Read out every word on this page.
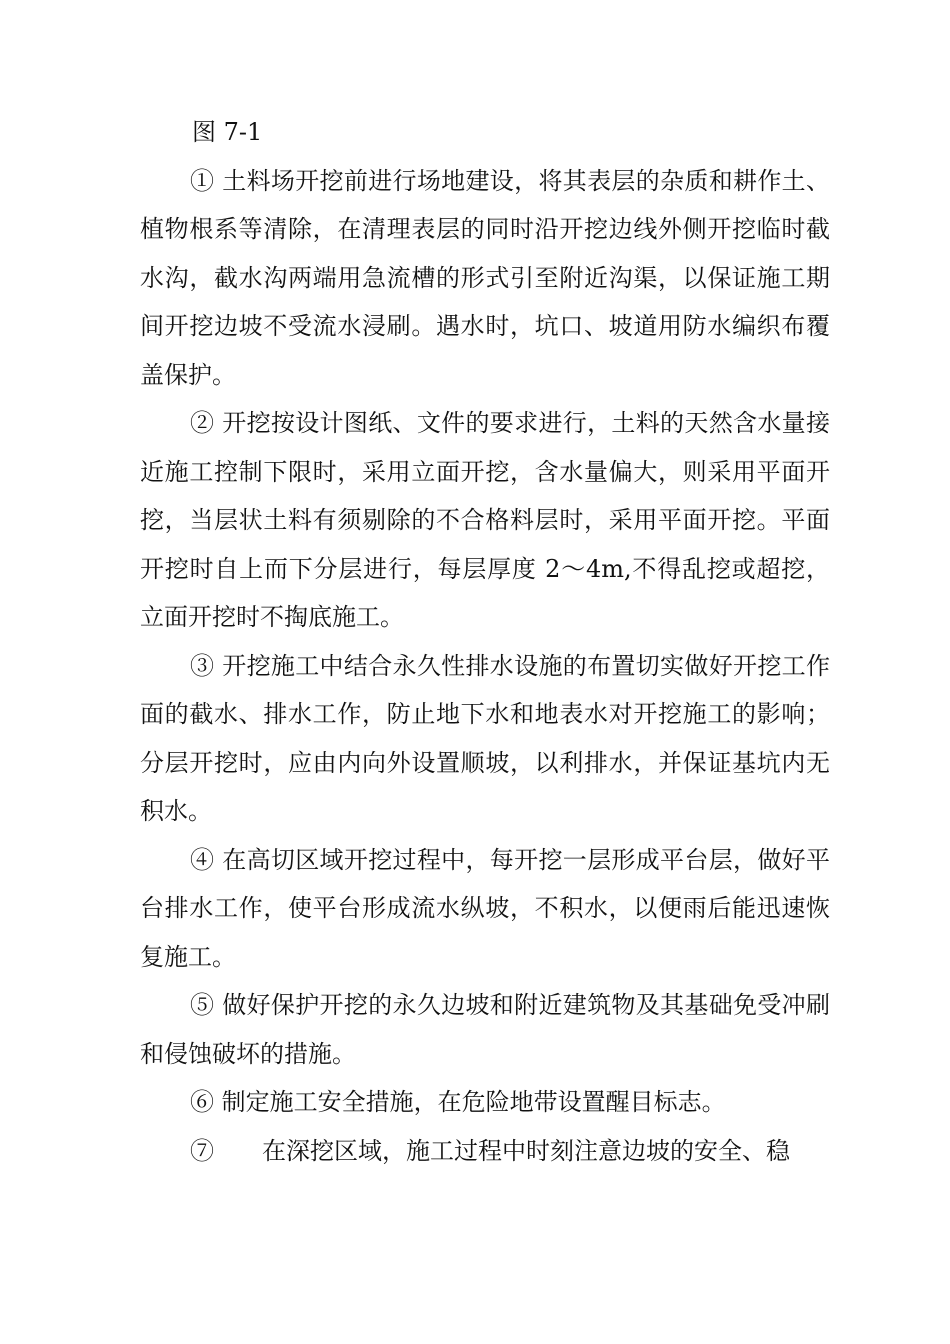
图 7-1

① 土料场开挖前进行场地建设，将其表层的杂质和耕作土、植物根系等清除，在清理表层的同时沿开挖边线外侧开挖临时截水沟，截水沟两端用急流槽的形式引至附近沟渠，以保证施工期间开挖边坡不受流水浸刷。遇水时，坑口、坡道用防水编织布覆盖保护。

② 开挖按设计图纸、文件的要求进行，土料的天然含水量接近施工控制下限时，采用立面开挖，含水量偏大，则采用平面开挖，当层状土料有须剔除的不合格料层时，采用平面开挖。平面开挖时自上而下分层进行，每层厚度 2～4m,不得乱挖或超挖，立面开挖时不掏底施工。

③ 开挖施工中结合永久性排水设施的布置切实做好开挖工作面的截水、排水工作，防止地下水和地表水对开挖施工的影响；分层开挖时，应由内向外设置顺坡，以利排水，并保证基坑内无积水。

④ 在高切区域开挖过程中，每开挖一层形成平台层，做好平台排水工作，使平台形成流水纵坡，不积水，以便雨后能迅速恢复施工。

⑤ 做好保护开挖的永久边坡和附近建筑物及其基础免受冲刷和侵蚀破坏的措施。

⑥ 制定施工安全措施，在危险地带设置醒目标志。

⑦　　在深挖区域，施工过程中时刻注意边坡的安全、稳
